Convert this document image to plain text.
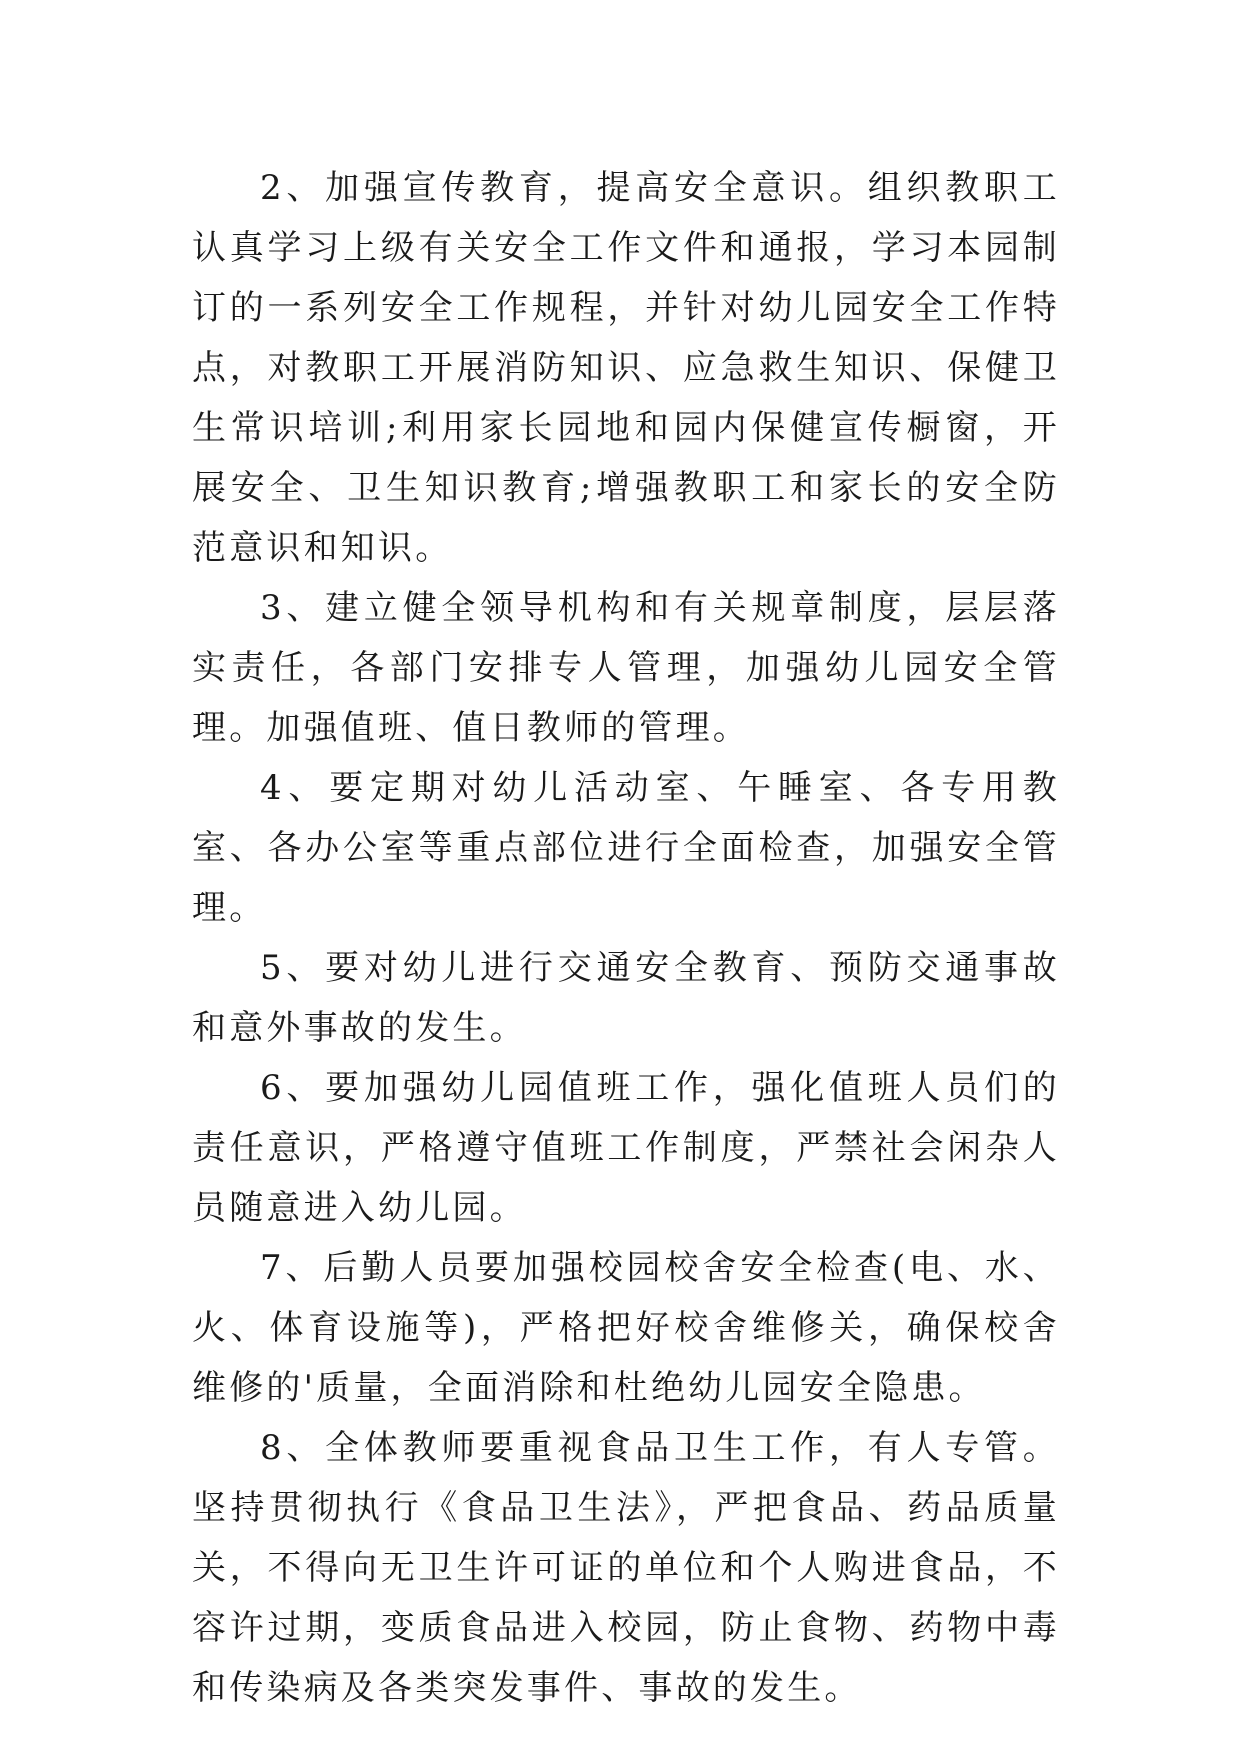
2、加强宣传教育，提高安全意识。组织教职工认真学习上级有关安全工作文件和通报，学习本园制订的一系列安全工作规程，并针对幼儿园安全工作特点，对教职工开展消防知识、应急救生知识、保健卫生常识培训;利用家长园地和园内保健宣传橱窗，开展安全、卫生知识教育;增强教职工和家长的安全防范意识和知识。

3、建立健全领导机构和有关规章制度，层层落实责任，各部门安排专人管理，加强幼儿园安全管理。加强值班、值日教师的管理。

4、要定期对幼儿活动室、午睡室、各专用教室、各办公室等重点部位进行全面检查，加强安全管理。

5、要对幼儿进行交通安全教育、预防交通事故和意外事故的发生。

6、要加强幼儿园值班工作，强化值班人员们的责任意识，严格遵守值班工作制度，严禁社会闲杂人员随意进入幼儿园。

7、后勤人员要加强校园校舍安全检查(电、水、火、体育设施等)，严格把好校舍维修关，确保校舍维修的'质量，全面消除和杜绝幼儿园安全隐患。

8、全体教师要重视食品卫生工作，有人专管。坚持贯彻执行《食品卫生法》，严把食品、药品质量关，不得向无卫生许可证的单位和个人购进食品，不容许过期，变质食品进入校园，防止食物、药物中毒和传染病及各类突发事件、事故的发生。
